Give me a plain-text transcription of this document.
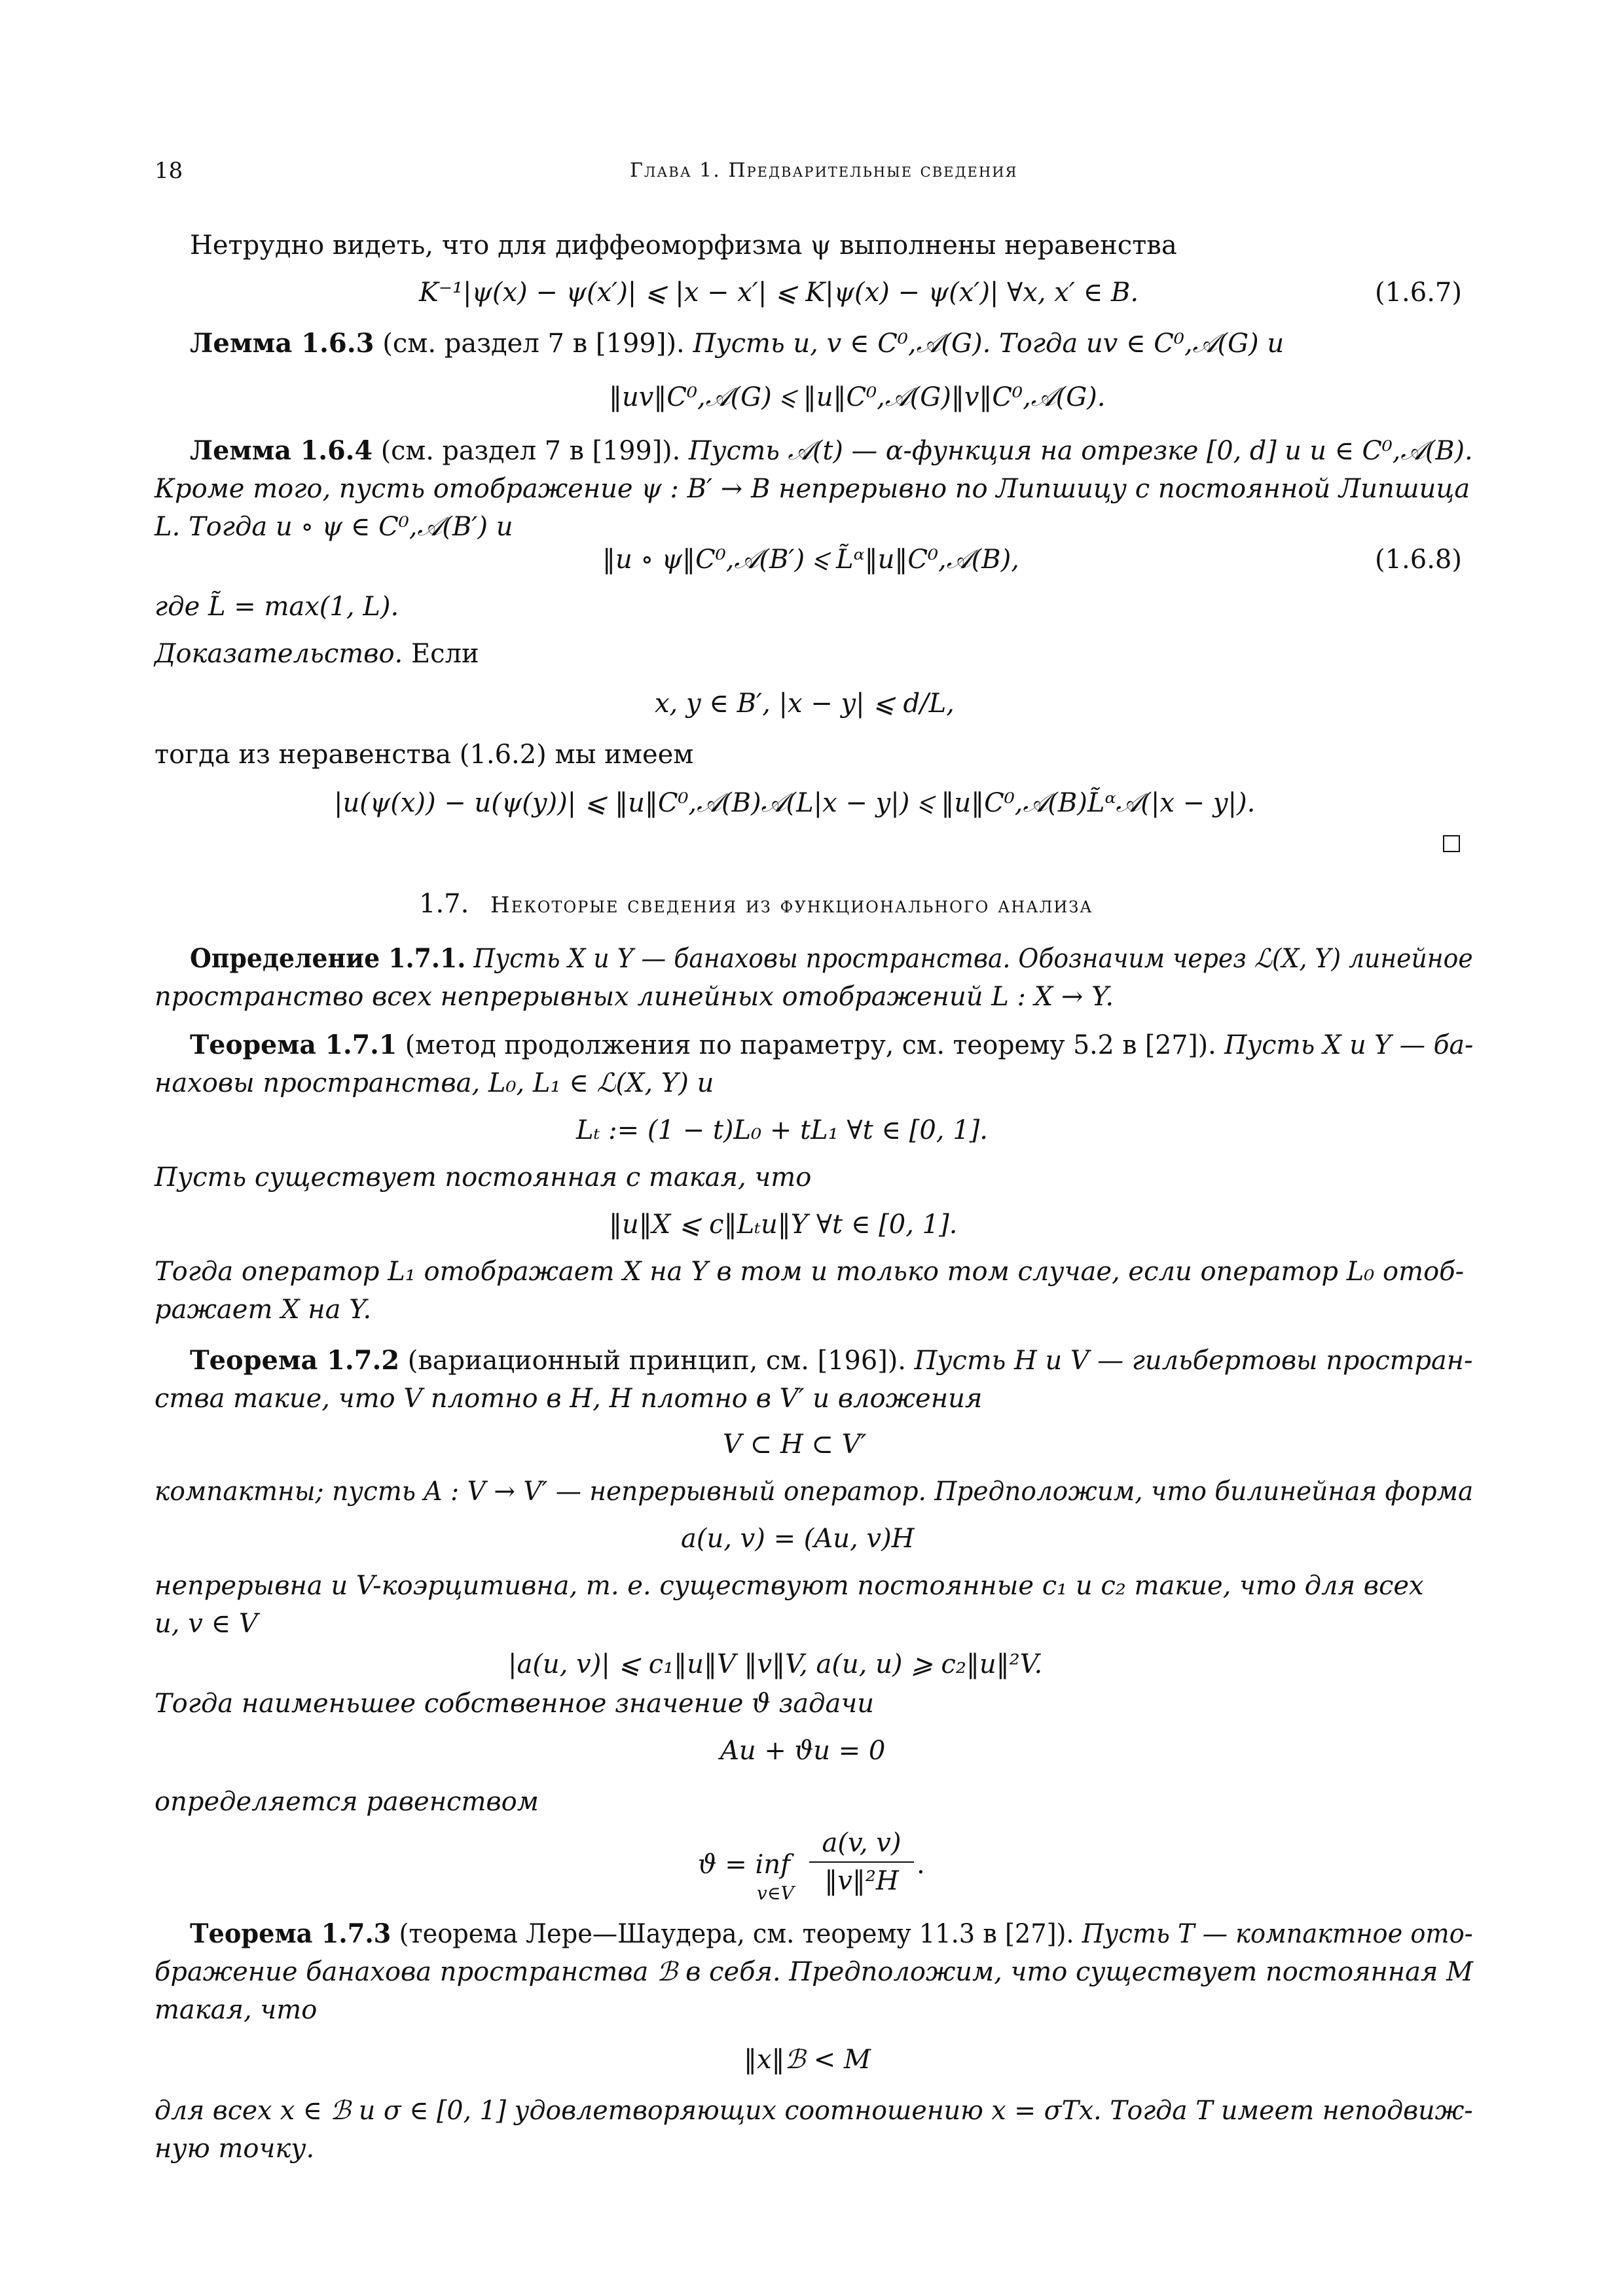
18	Глава 1. Предварительные сведения
Нетрудно видеть, что для диффеоморфизма ψ выполнены неравенства
K⁻¹|ψ(x) − ψ(x′)| ⩽ |x − x′| ⩽ K|ψ(x) − ψ(x′)| ∀x, x′ ∈ B.	(1.6.7)
Лемма 1.6.3 (см. раздел 7 в [199]). Пусть u, v ∈ C⁰,𝒜(G). Тогда uv ∈ C⁰,𝒜(G) и
‖uv‖C⁰,𝒜(G) ⩽ ‖u‖C⁰,𝒜(G)‖v‖C⁰,𝒜(G).
Лемма 1.6.4 (см. раздел 7 в [199]). Пусть 𝒜(t) — α-функция на отрезке [0, d] и u ∈ C⁰,𝒜(B).
Кроме того, пусть отображение ψ : B′ → B непрерывно по Липшицу с постоянной Липшица
L. Тогда u ∘ ψ ∈ C⁰,𝒜(B′) и
‖u ∘ ψ‖C⁰,𝒜(B′) ⩽ L̃ᵅ‖u‖C⁰,𝒜(B),	(1.6.8)
где L̃ = max(1, L).
Доказательство. Если
x, y ∈ B′, |x − y| ⩽ d/L,
тогда из неравенства (1.6.2) мы имеем
|u(ψ(x)) − u(ψ(y))| ⩽ ‖u‖C⁰,𝒜(B)𝒜(L|x − y|) ⩽ ‖u‖C⁰,𝒜(B)L̃ᵅ𝒜(|x − y|).
1.7. Некоторые сведения из функционального анализа
Определение 1.7.1. Пусть X и Y — банаховы пространства. Обозначим через ℒ(X, Y) линейное
пространство всех непрерывных линейных отображений L : X → Y.
Теорема 1.7.1 (метод продолжения по параметру, см. теорему 5.2 в [27]). Пусть X и Y — ба-
наховы пространства, L₀, L₁ ∈ ℒ(X, Y) и
Lₜ := (1 − t)L₀ + tL₁ ∀t ∈ [0, 1].
Пусть существует постоянная c такая, что
‖u‖X ⩽ c‖Lₜu‖Y ∀t ∈ [0, 1].
Тогда оператор L₁ отображает X на Y в том и только том случае, если оператор L₀ отоб-
ражает X на Y.
Теорема 1.7.2 (вариационный принцип, см. [196]). Пусть H и V — гильбертовы простран-
ства такие, что V плотно в H, H плотно в V′ и вложения
V ⊂ H ⊂ V′
компактны; пусть A : V → V′ — непрерывный оператор. Предположим, что билинейная форма
a(u, v) = (Au, v)H
непрерывна и V-коэрцитивна, т. е. существуют постоянные c₁ и c₂ такие, что для всех
u, v ∈ V
|a(u, v)| ⩽ c₁‖u‖V ‖v‖V, a(u, u) ⩾ c₂‖u‖²V.
Тогда наименьшее собственное значение ϑ задачи
Au + ϑu = 0
определяется равенством
ϑ = inf
v∈V
a(v, v)
‖v‖²H
.
Теорема 1.7.3 (теорема Лере—Шаудера, см. теорему 11.3 в [27]). Пусть T — компактное ото-
бражение банахова пространства ℬ в себя. Предположим, что существует постоянная M
такая, что
‖x‖ℬ < M
для всех x ∈ ℬ и σ ∈ [0, 1] удовлетворяющих соотношению x = σTx. Тогда T имеет неподвиж-
ную точку.
